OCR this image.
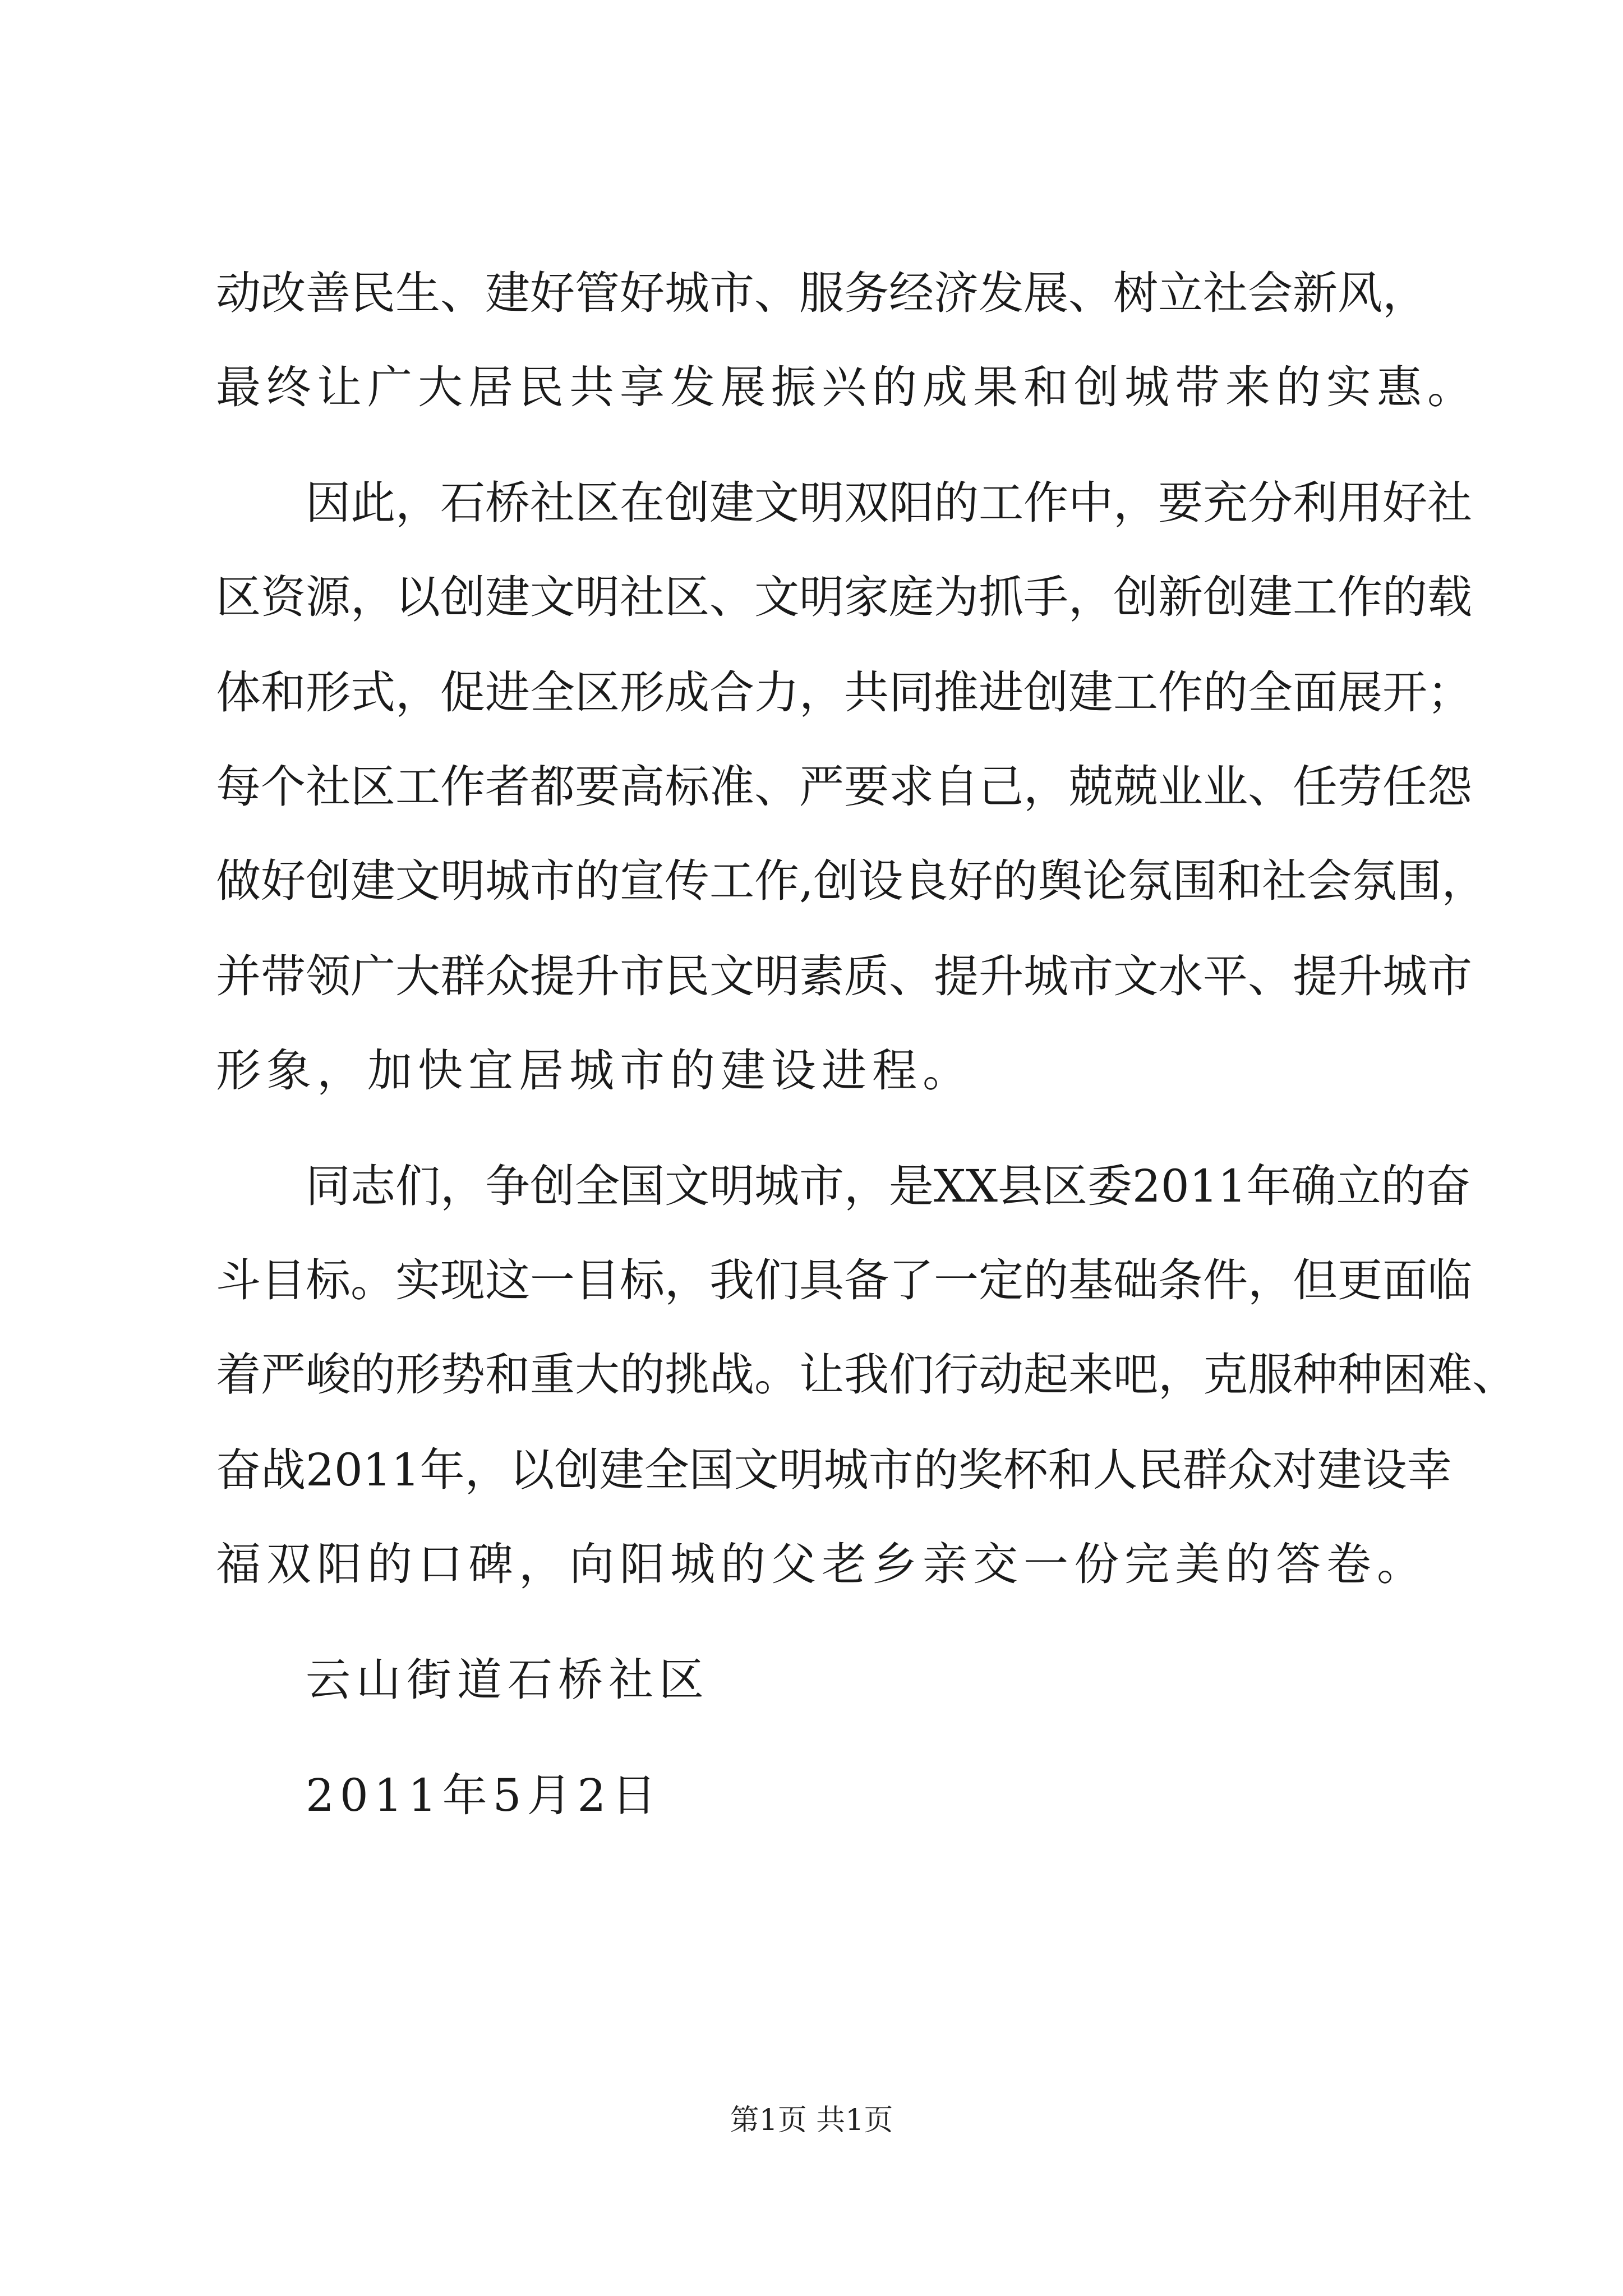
动改善民生、建好管好城市、服务经济发展、树立社会新风，
最终让广大居民共享发展振兴的成果和创城带来的实惠。
因此，石桥社区在创建文明双阳的工作中，要充分利用好社
区资源，以创建文明社区、文明家庭为抓手，创新创建工作的载
体和形式，促进全区形成合力，共同推进创建工作的全面展开；
每个社区工作者都要高标准、严要求自己，兢兢业业、任劳任怨
做好创建文明城市的宣传工作,创设良好的舆论氛围和社会氛围，
并带领广大群众提升市民文明素质、提升城市文水平、提升城市
形象，加快宜居城市的建设进程。
同志们，争创全国文明城市，是XX县区委2011年确立的奋
斗目标。实现这一目标，我们具备了一定的基础条件，但更面临
着严峻的形势和重大的挑战。让我们行动起来吧，克服种种困难、
奋战2011年，以创建全国文明城市的奖杯和人民群众对建设幸
福双阳的口碑，向阳城的父老乡亲交一份完美的答卷。
云山街道石桥社区
2011年5月2日
第1页 共1页
